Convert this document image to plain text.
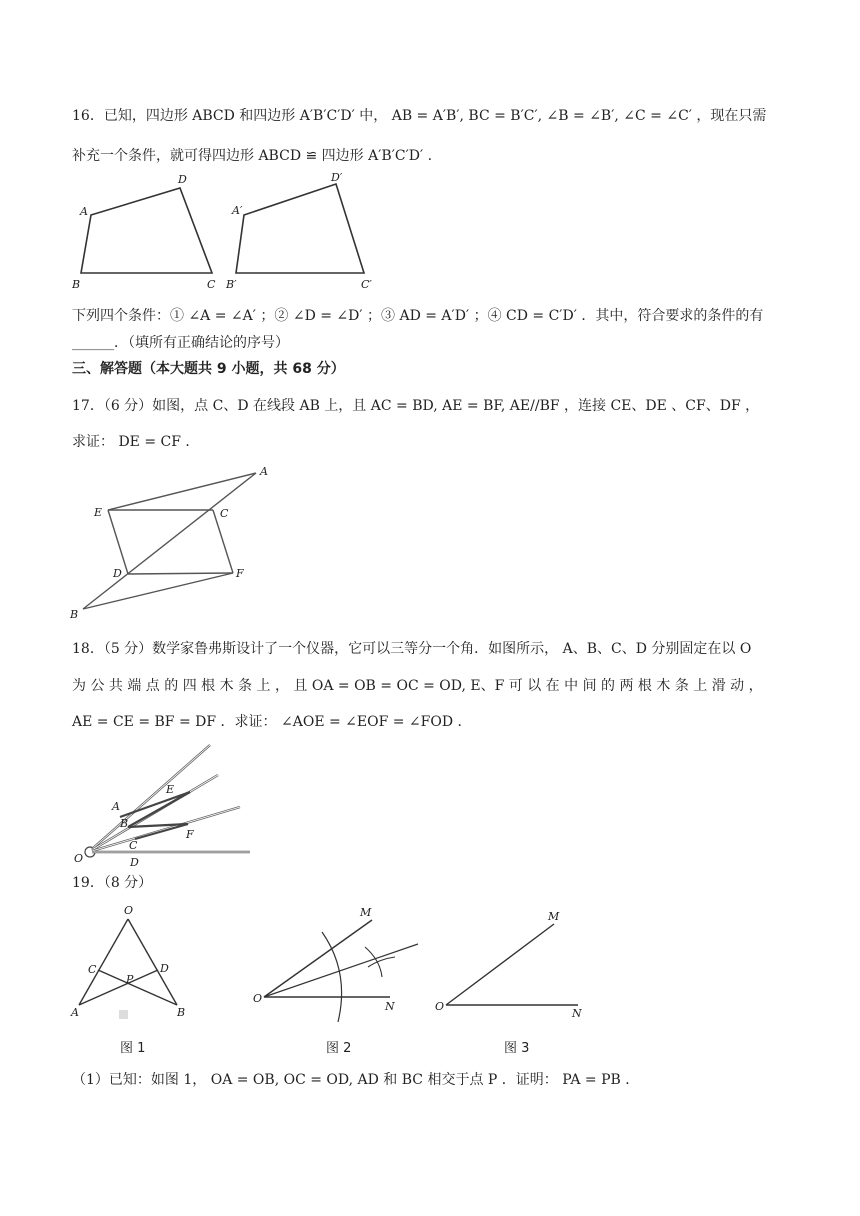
16．已知，四边形 ABCD 和四边形 A′B′C′D′ 中， AB = A′B′, BC = B′C′, ∠B = ∠B′, ∠C = ∠C′ ，现在只需
补充一个条件，就可得四边形 ABCD ≌ 四边形 A′B′C′D′ .
A
D
B	C
A′
D′
B′	C′
下列四个条件：① ∠A = ∠A′ ；② ∠D = ∠D′ ；③ AD = A′D′ ；④ CD = C′D′ ．其中，符合要求的条件的有
______．（填所有正确结论的序号）
三、解答题（本大题共 9 小题，共 68 分）
17．（6 分）如图，点 C、D 在线段 AB 上，且 AC = BD, AE = BF, AE//BF ，连接 CE、DE 、CF、DF ，
求证： DE = CF ．
A
E	C
D	F
B
18．（5 分）数学家鲁弗斯设计了一个仪器，它可以三等分一个角．如图所示， A、B、C、D 分别固定在以 O
为 公 共 端 点 的 四 根 木 条 上 ， 且 OA = OB = OC = OD, E、F 可 以 在 中 间 的 两 根 木 条 上 滑 动 ，
AE = CE = BF = DF ．求证： ∠AOE = ∠EOF = ∠FOD ．
A
E
B
F
C
O	D
19．（8 分）
O
C	D
P
A	B
图 1
M
O
N
图 2
M
O
N
图 3
（1）已知：如图 1， OA = OB, OC = OD, AD 和 BC 相交于点 P ．证明： PA = PB ．
